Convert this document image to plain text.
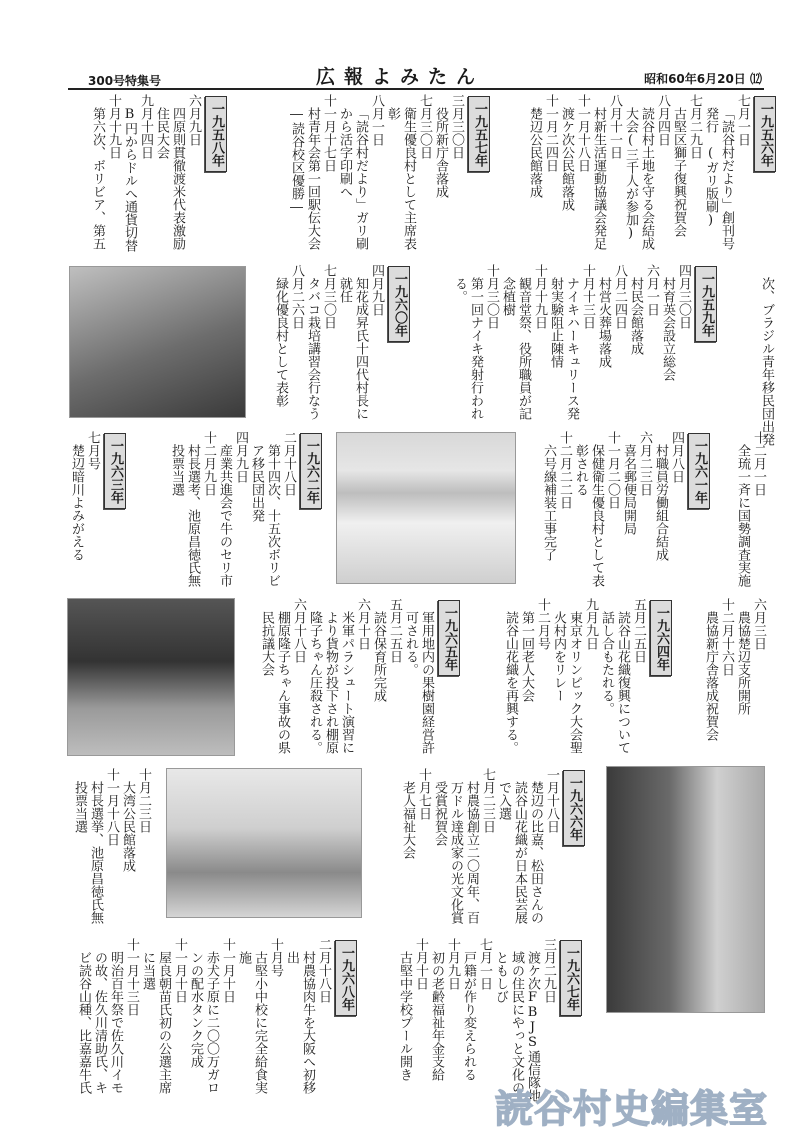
300号特集号	広報よみたん	昭和60年6月20日 ⑿
一九五六年
七月一日
「読谷村だより」創刊号
発行　(ガリ版刷)
七月二九日
古堅区獅子復興祝賀会
八月四日
読谷村土地を守る会結成
大会(三千人が参加)
八月十一日
村新生活運動協議会発足
十一月十八日
渡ケ次公民館落成
十一月二四日
楚辺公民館落成
一九五七年
三月三〇日
役所新庁舎落成
七月三〇日
衛生優良村として主席表
彰
八月一日
「読谷村だより」ガリ刷
から活字印刷へ
十一月十七日
村青年会第一回駅伝大会
―読谷校区優勝―
一九五八年
六月九日
四原則貫徹渡米代表激励
住民大会
九月十四日
B円からドルへ通貨切替
十月十九日
第六次、ボリビア、第五
次、ブラジル青年移民団出発
一九五九年
四月三〇日
村育英会設立総会
六月一日
村民会館落成
八月二四日
村営火葬場落成
十月十三日
ナイキハーキュリース発
射実験阻止陳情
十月十九日
観音堂祭、役所職員が記
念植樹
十月三〇日
第一回ナイキ発射行われ
る。
一九六〇年
四月九日
知花成昇氏十四代村長に
就任
七月三〇日
タバコ栽培講習会行なう
八月二六日
緑化優良村として表彰
十二月一日
全琉一斉に国勢調査実施
一九六一年
四月八日
村職員労働組合結成
六月二三日
喜名郵便局開局
十一月二〇日
保健衛生優良村として表
彰される
十二月二二日
六号線補装工事完了
一九六二年
二月十八日
第十四次、十五次ボリビ
ア移民団出発
四月九日
産業共進会で牛のセリ市
十二月九日
村長選考、池原昌徳氏無
投票当選
一九六三年
七月号
楚辺暗川よみがえる
六月三日
農協楚辺支所開所
十二月十六日
農協新庁舎落成祝賀会
一九六四年
五月二五日
読谷山花織復興について
話し合もたれる。
九月九日
東京オリンピック大会聖
火村内をリレー
十二月号
第一回老人大会
読谷山花織を再興する。
一九六五年
軍用地内の果樹園経営許
可される。
五月二五日
読谷保育所完成
六月十日
米軍パラシュート演習に
より貨物が投下され棚原
隆子ちゃん圧殺される。
六月十八日
棚原隆子ちゃん事故の県
民抗議大会
一九六六年
一月十八日
楚辺の比嘉、松田さんの
読谷山花織が日本民芸展
で入選
七月二三日
村農協創立二〇周年、百
万ドル達成家の光文化賞
受賞祝賀会
十月七日
老人福祉大会
十月二三日
大湾公民館落成
十一月十八日
村長選挙、池原昌徳氏無
投票当選
一九六七年
三月二九日
渡ケ次FBJS通信隊地
域の住民にやっと文化の
ともしび
七月一日
戸籍が作り変えられる
十月九日
初の老齢福祉年金支給
十月十日
古堅中学校プール開き
一九六八年
二月十八日
村農協肉牛を大阪へ初移
出
十月号
古堅小中校に完全給食実
施
十一月十日
赤犬子原に二〇〇万ガロ
ンの配水タンク完成
十一月十日
屋良朝苗氏初の公選主席
に当選
十一月十三日
明治百年祭で佐久川イモ
の故、佐久川清助氏、キ
ビ読谷山種、比嘉嘉牛氏
読谷村史編集室
